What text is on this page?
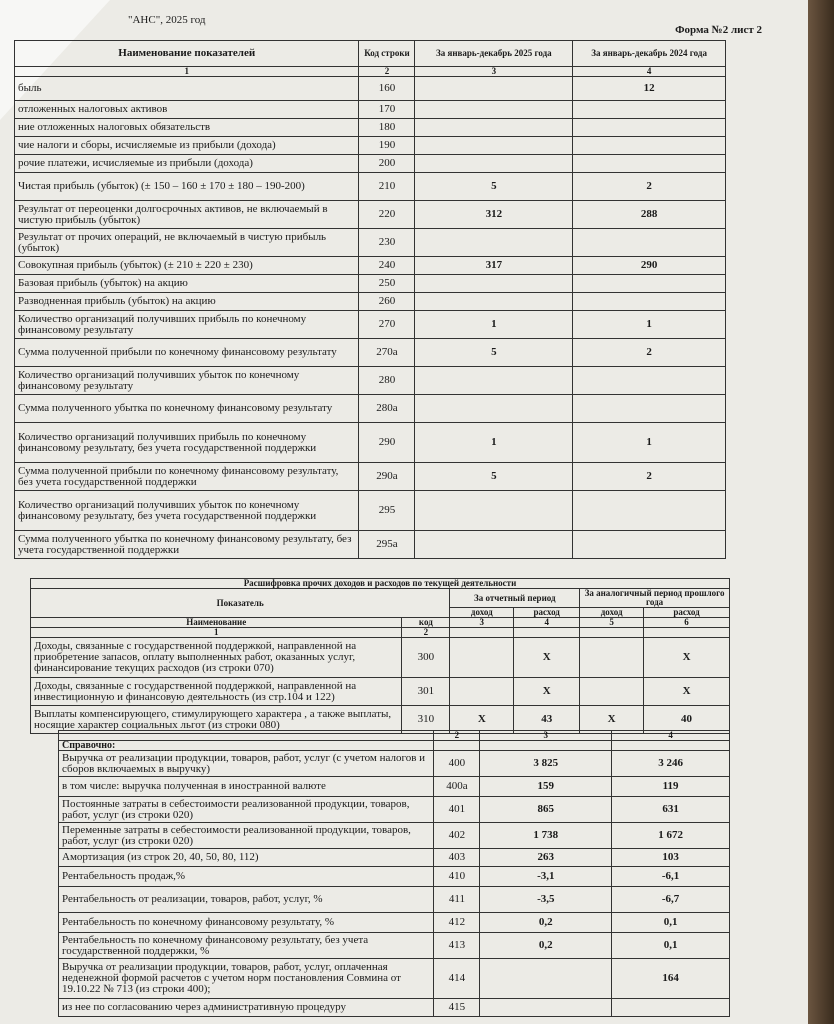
"АНС", 2025 год
Форма №2 лист 2
Наименование показателей	Код строки	За январь-декабрь 2025 года	За январь-декабрь 2024 года
1	2	3	4
быль	160		12
отложенных налоговых активов	170		
ние отложенных налоговых обязательств	180		
чие налоги и сборы, исчисляемые из прибыли (дохода)	190		
рочие платежи, исчисляемые из прибыли (дохода)	200		
Чистая прибыль (убыток) (± 150 – 160 ± 170 ± 180 – 190-200)	210	5	2
Результат от переоценки долгосрочных активов, не включаемый в чистую прибыль (убыток)	220	312	288
Результат от прочих операций, не включаемый в чистую прибыль (убыток)	230		
Совокупная прибыль (убыток) (± 210 ± 220 ± 230)	240	317	290
Базовая прибыль (убыток) на акцию	250		
Разводненная прибыль (убыток) на акцию	260		
Количество организаций получивших прибыль по конечному финансовому результату	270	1	1
Сумма полученной прибыли по конечному финансовому результату	270а	5	2
Количество организаций получивших убыток по конечному финансовому результату	280		
Сумма полученного убытка по конечному финансовому результату	280а		
Количество организаций получивших прибыль по конечному финансовому результату, без учета государственной поддержки	290	1	1
Сумма полученной прибыли по конечному финансовому результату, без учета государственной поддержки	290а	5	2
Количество организаций получивших убыток по конечному финансовому результату, без учета государственной поддержки	295		
Сумма полученного убытка по конечному финансовому результату, без учета государственной поддержки	295а		
Расшифровка прочих доходов и расходов по текущей деятельности					
Показатель		За отчетный период		За аналогичный период прошлого года	
		доход	расход	доход	расход
Наименование	код	3	4	5	6
1	2				
Доходы, связанные с государственной поддержкой, направленной на приобретение запасов, оплату выполненных работ, оказанных услуг, финансирование текущих расходов (из строки 070)	300		X		X
Доходы, связанные с государственной поддержкой, направленной на инвестиционную и финансовую деятельность (из стр.104 и 122)	301		X		X
Выплаты компенсирующего, стимулирующего характера , а также выплаты, носящие характер социальных льгот (из строки 080)	310	X	43	X	40
	2	3	4
Справочно:			
Выручка от реализации продукции, товаров, работ, услуг (с учетом налогов и сборов включаемых в выручку)	400	3 825	3 246
в том числе: выручка полученная в иностранной валюте	400а	159	119
Постоянные затраты в себестоимости реализованной продукции, товаров, работ, услуг (из строки 020)	401	865	631
Переменные затраты в себестоимости реализованной продукции, товаров, работ, услуг (из строки 020)	402	1 738	1 672
Амортизация (из строк 20, 40, 50, 80, 112)	403	263	103
Рентабельность продаж,%	410	-3,1	-6,1
Рентабельность от реализации, товаров, работ, услуг, %	411	-3,5	-6,7
Рентабельность по конечному финансовому результату, %	412	0,2	0,1
Рентабельность по конечному финансовому результату, без учета государственной поддержки, %	413	0,2	0,1
Выручка от реализации продукции, товаров, работ, услуг, оплаченная неденежной формой расчетов с учетом норм постановления Совмина от 19.10.22 № 713 (из строки 400);	414		164
из нее по согласованию через административную процедуру	415		
